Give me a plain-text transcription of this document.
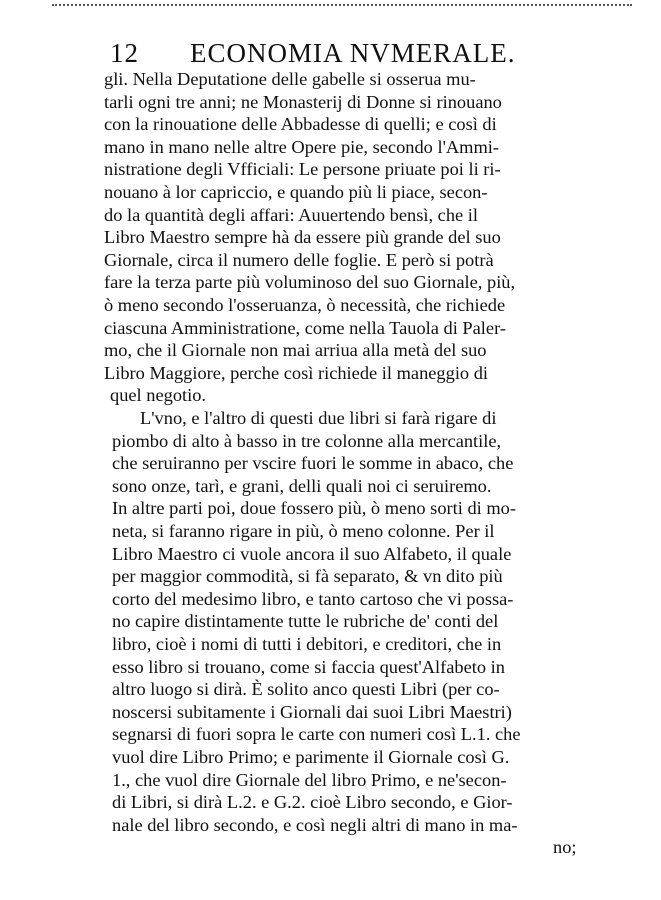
12 ECONOMIA NVMERALE.
gli. Nella Deputatione delle gabelle si osserua mu-
tarli ogni tre anni; ne Monasterij di Donne si rinouano
con la rinouatione delle Abbadesse di quelli; e così di
mano in mano nelle altre Opere pie, secondo l'Ammi-
nistratione degli Vfficiali: Le persone priuate poi li ri-
nouano à lor capriccio, e quando più li piace, secon-
do la quantità degli affari: Auuertendo bensì, che il
Libro Maestro sempre hà da essere più grande del suo
Giornale, circa il numero delle foglie. E però si potrà
fare la terza parte più voluminoso del suo Giornale, più,
ò meno secondo l'osseruanza, ò necessità, che richiede
ciascuna Amministratione, come nella Tauola di Paler-
mo, che il Giornale non mai arriua alla metà del suo
Libro Maggiore, perche così richiede il maneggio di
quel negotio.
L'vno, e l'altro di questi due libri si farà rigare di
piombo di alto à basso in tre colonne alla mercantile,
che seruiranno per vscire fuori le somme in abaco, che
sono onze, tarì, e grani, delli quali noi ci seruiremo.
In altre parti poi, doue fossero più, ò meno sorti di mo-
neta, si faranno rigare in più, ò meno colonne. Per il
Libro Maestro ci vuole ancora il suo Alfabeto, il quale
per maggior commodità, si fà separato, & vn dito più
corto del medesimo libro, e tanto cartoso che vi possa-
no capire distintamente tutte le rubriche de' conti del
libro, cioè i nomi di tutti i debitori, e creditori, che in
esso libro si trouano, come si faccia quest'Alfabeto in
altro luogo si dirà. È solito anco questi Libri (per co-
noscersi subitamente i Giornali dai suoi Libri Maestri)
segnarsi di fuori sopra le carte con numeri così L.1. che
vuol dire Libro Primo; e parimente il Giornale così G.
1., che vuol dire Giornale del libro Primo, e ne'secon-
di Libri, si dirà L.2. e G.2. cioè Libro secondo, e Gior-
nale del libro secondo, e così negli altri di mano in ma-
no;
